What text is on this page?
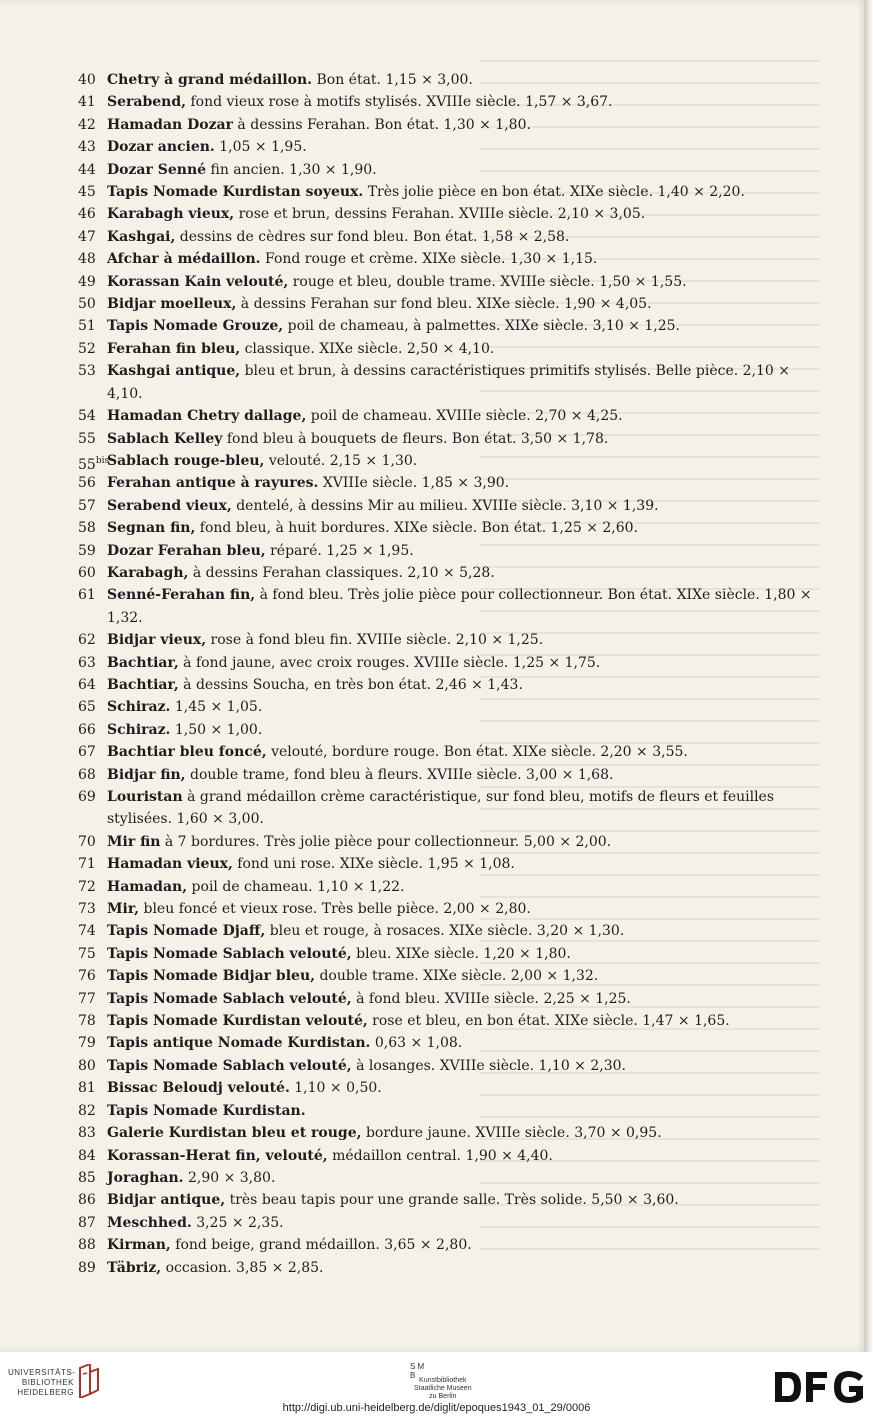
40 Chetry à grand médaillon. Bon état. 1,15 × 3,00.
41 Serabend, fond vieux rose à motifs stylisés. XVIIIe siècle. 1,57 × 3,67.
42 Hamadan Dozar à dessins Ferahan. Bon état. 1,30 × 1,80.
43 Dozar ancien. 1,05 × 1,95.
44 Dozar Senné fin ancien. 1,30 × 1,90.
45 Tapis Nomade Kurdistan soyeux. Très jolie pièce en bon état. XIXe siècle. 1,40 × 2,20.
46 Karabagh vieux, rose et brun, dessins Ferahan. XVIIIe siècle. 2,10 × 3,05.
47 Kashgai, dessins de cèdres sur fond bleu. Bon état. 1,58 × 2,58.
48 Afchar à médaillon. Fond rouge et crème. XIXe siècle. 1,30 × 1,15.
49 Korassan Kain velouté, rouge et bleu, double trame. XVIIIe siècle. 1,50 × 1,55.
50 Bidjar moelleux, à dessins Ferahan sur fond bleu. XIXe siècle. 1,90 × 4,05.
51 Tapis Nomade Grouze, poil de chameau, à palmettes. XIXe siècle. 3,10 × 1,25.
52 Ferahan fin bleu, classique. XIXe siècle. 2,50 × 4,10.
53 Kashgai antique, bleu et brun, à dessins caractéristiques primitifs stylisés. Belle pièce. 2,10 × 4,10.
54 Hamadan Chetry dallage, poil de chameau. XVIIIe siècle. 2,70 × 4,25.
55 Sablach Kelley fond bleu à bouquets de fleurs. Bon état. 3,50 × 1,78.
$55^{bis}$
Sablach rouge-bleu, velouté. 2,15 × 1,30.
56 Ferahan antique à rayures. XVIIIe siècle. 1,85 × 3,90.
57 Serabend vieux, dentelé, à dessins Mir au milieu. XVIIIe siècle. 3,10 × 1,39.
58 Segnan fin, fond bleu, à huit bordures. XIXe siècle. Bon état. 1,25 × 2,60.
59 Dozar Ferahan bleu, réparé. 1,25 × 1,95.
60 Karabagh, à dessins Ferahan classiques. 2,10 × 5,28.
61 Senné-Ferahan fin, à fond bleu. Très jolie pièce pour collectionneur. Bon état. XIXe siècle. 1,80 × 1,32.
62 Bidjar vieux, rose à fond bleu fin. XVIIIe siècle. 2,10 × 1,25.
63 Bachtiar, à fond jaune, avec croix rouges. XVIIIe siècle. 1,25 × 1,75.
64 Bachtiar, à dessins Soucha, en très bon état. 2,46 × 1,43.
65 Schiraz. 1,45 × 1,05.
66 Schiraz. 1,50 × 1,00.
67 Bachtiar bleu foncé, velouté, bordure rouge. Bon état. XIXe siècle. 2,20 × 3,55.
68 Bidjar fin, double trame, fond bleu à fleurs. XVIIIe siècle. 3,00 × 1,68.
69 Louristan à grand médaillon crème caractéristique, sur fond bleu, motifs de fleurs et feuilles stylisées. 1,60 × 3,00.
70 Mir fin à 7 bordures. Très jolie pièce pour collectionneur. 5,00 × 2,00.
71 Hamadan vieux, fond uni rose. XIXe siècle. 1,95 × 1,08.
72 Hamadan, poil de chameau. 1,10 × 1,22.
73 Mir, bleu foncé et vieux rose. Très belle pièce. 2,00 × 2,80.
74 Tapis Nomade Djaff, bleu et rouge, à rosaces. XIXe siècle. 3,20 × 1,30.
75 Tapis Nomade Sablach velouté, bleu. XIXe siècle. 1,20 × 1,80.
76 Tapis Nomade Bidjar bleu, double trame. XIXe siècle. 2,00 × 1,32.
77 Tapis Nomade Sablach velouté, à fond bleu. XVIIIe siècle. 2,25 × 1,25.
78 Tapis Nomade Kurdistan velouté, rose et bleu, en bon état. XIXe siècle. 1,47 × 1,65.
79 Tapis antique Nomade Kurdistan. 0,63 × 1,08.
80 Tapis Nomade Sablach velouté, à losanges. XVIIIe siècle. 1,10 × 2,30.
81 Bissac Beloudj velouté. 1,10 × 0,50.
82 Tapis Nomade Kurdistan.
83 Galerie Kurdistan bleu et rouge, bordure jaune. XVIIIe siècle. 3,70 × 0,95.
84 Korassan-Herat fin, velouté, médaillon central. 1,90 × 4,40.
85 Joraghan. 2,90 × 3,80.
86 Bidjar antique, très beau tapis pour une grande salle. Très solide. 5,50 × 3,60.
87 Meschhed. 3,25 × 2,35.
88 Kirman, fond beige, grand médaillon. 3,65 × 2,80.
89 Täbriz, occasion. 3,85 × 2,85.
UNIVERSITÄTS-
BIBLIOTHEK
HEIDELBERG
S M
B
Kunstbibliothek
Staatliche Museen
zu Berlin
http://digi.ub.uni-heidelberg.de/diglit/epoques1943_01_29/0006
